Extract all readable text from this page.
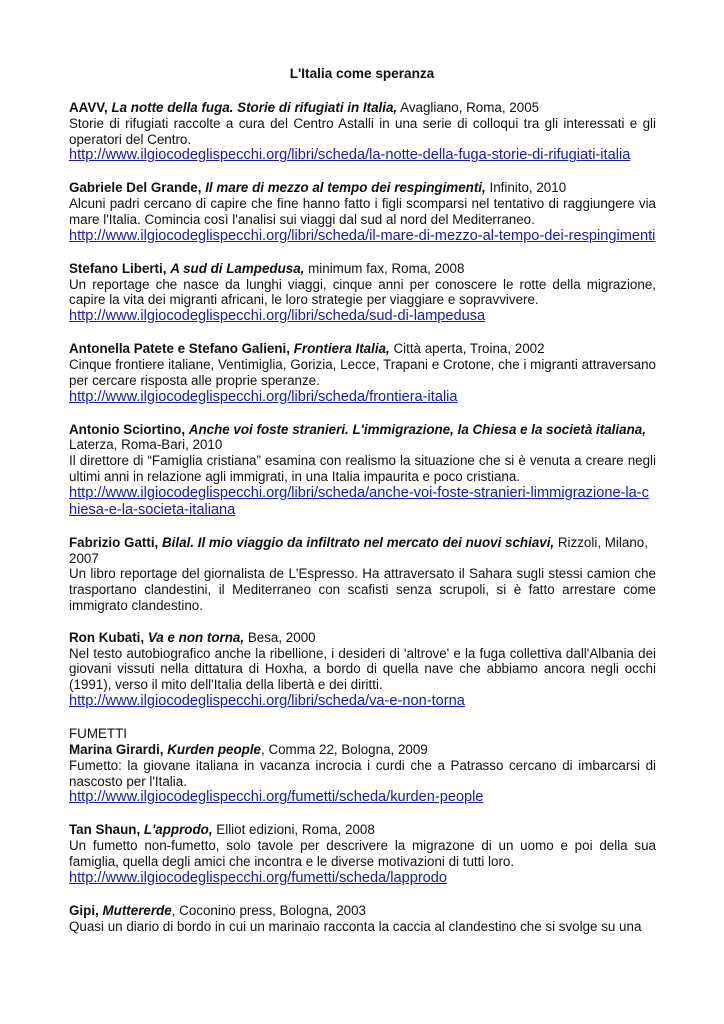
L'Italia come speranza

AAVV, La notte della fuga. Storie di rifugiati in Italia, Avagliano, Roma, 2005

Storie di rifugiati raccolte a cura del Centro Astalli in una serie di colloqui tra gli interessati e gli operatori del Centro.

http://www.ilgiocodeglispecchi.org/libri/scheda/la-notte-della-fuga-storie-di-rifugiati-italia

Gabriele Del Grande, Il mare di mezzo al tempo dei respingimenti, Infinito, 2010

Alcuni padri cercano di capire che fine hanno fatto i figli scomparsi nel tentativo di raggiungere via mare l'Italia. Comincia così l'analisi sui viaggi dal sud al nord del Mediterraneo.

http://www.ilgiocodeglispecchi.org/libri/scheda/il-mare-di-mezzo-al-tempo-dei-respingimenti

Stefano Liberti, A sud di Lampedusa, minimum fax, Roma, 2008

Un reportage che nasce da lunghi viaggi, cinque anni per conoscere le rotte della migrazione, capire la vita dei migranti africani, le loro strategie per viaggiare e sopravvivere.

http://www.ilgiocodeglispecchi.org/libri/scheda/sud-di-lampedusa

Antonella Patete e Stefano Galieni, Frontiera Italia, Città aperta, Troina, 2002

Cinque frontiere italiane, Ventimiglia, Gorizia, Lecce, Trapani e Crotone, che i migranti attraversano per cercare risposta alle proprie speranze.

http://www.ilgiocodeglispecchi.org/libri/scheda/frontiera-italia

Antonio Sciortino, Anche voi foste stranieri. L'immigrazione, la Chiesa e la società italiana, Laterza, Roma-Bari, 2010

Il direttore di “Famiglia cristiana” esamina con realismo la situazione che si è venuta a creare negli ultimi anni in relazione agli immigrati, in una Italia impaurita e poco cristiana.

http://www.ilgiocodeglispecchi.org/libri/scheda/anche-voi-foste-stranieri-limmigrazione-la-chiesa-e-la-societa-italiana

Fabrizio Gatti, Bilal. Il mio viaggio da infiltrato nel mercato dei nuovi schiavi, Rizzoli, Milano, 2007

Un libro reportage del giornalista de L'Espresso. Ha attraversato il Sahara sugli stessi camion che trasportano clandestini, il Mediterraneo con scafisti senza scrupoli, si è fatto arrestare come immigrato clandestino.

Ron Kubati, Va e non torna, Besa, 2000

Nel testo autobiografico anche la ribellione, i desideri di 'altrove' e la fuga collettiva dall'Albania dei giovani vissuti nella dittatura di Hoxha, a bordo di quella nave che abbiamo ancora negli occhi (1991), verso il mito dell'Italia della libertà e dei diritti.

http://www.ilgiocodeglispecchi.org/libri/scheda/va-e-non-torna
FUMETTI

Marina Girardi, Kurden people, Comma 22, Bologna, 2009

Fumetto: la giovane italiana in vacanza incrocia i curdi che a Patrasso cercano di imbarcarsi di nascosto per l'Italia.

http://www.ilgiocodeglispecchi.org/fumetti/scheda/kurden-people

Tan Shaun, L'approdo, Elliot edizioni, Roma, 2008

Un fumetto non-fumetto, solo tavole per descrivere la migrazone di un uomo e poi della sua famiglia, quella degli amici che incontra e le diverse motivazioni di tutti loro.

http://www.ilgiocodeglispecchi.org/fumetti/scheda/lapprodo

Gipi, Muttererde, Coconino press, Bologna, 2003

Quasi un diario di bordo in cui un marinaio racconta la caccia al clandestino che si svolge su una
